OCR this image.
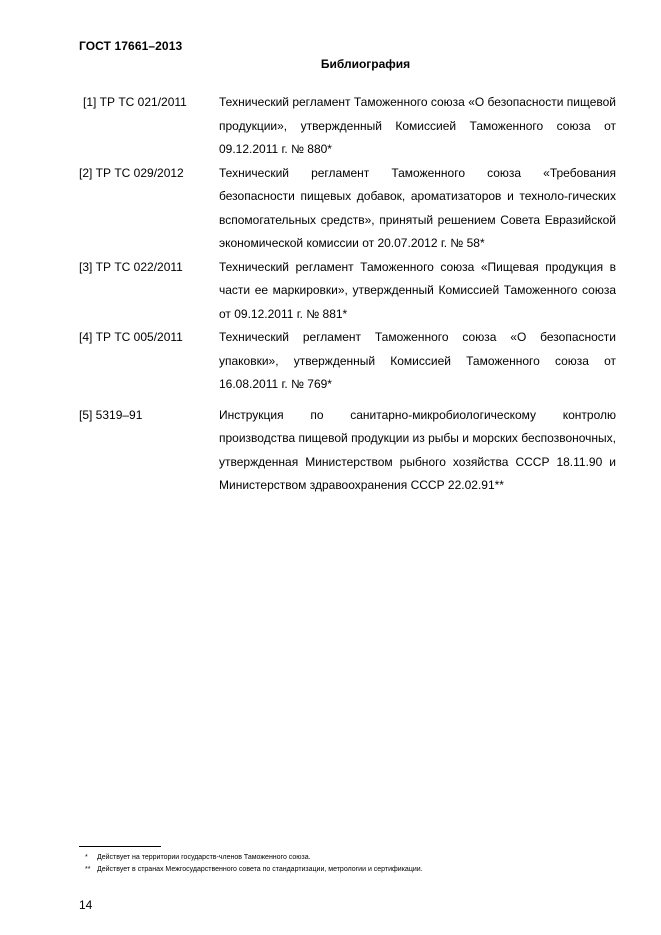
ГОСТ 17661–2013
Библиография
[1] ТР ТС 021/2011	Технический регламент Таможенного союза «О безопасности пищевой продукции», утвержденный Комиссией Таможенного союза от 09.12.2011 г. № 880*
[2] ТР ТС 029/2012	Технический регламент Таможенного союза «Требования безопасности пищевых добавок, ароматизаторов и техноло-гических вспомогательных средств», принятый решением Совета Евразийской экономической комиссии от 20.07.2012 г. № 58*
[3] ТР ТС 022/2011	Технический регламент Таможенного союза «Пищевая продукция в части ее маркировки», утвержденный Комиссией Таможенного союза от 09.12.2011 г. № 881*
[4] ТР ТС 005/2011	Технический регламент Таможенного союза «О безопасности упаковки», утвержденный Комиссией Таможенного союза от 16.08.2011 г. № 769*
[5] 5319–91	Инструкция по санитарно-микробиологическому контролю производства пищевой продукции из рыбы и морских беспозвоночных, утвержденная Министерством рыбного хозяйства СССР 18.11.90 и Министерством здравоохранения СССР 22.02.91**
* Действует на территории государств-членов Таможенного союза.
** Действует в странах Межгосударственного совета по стандартизации, метрологии и сертификации.
14
